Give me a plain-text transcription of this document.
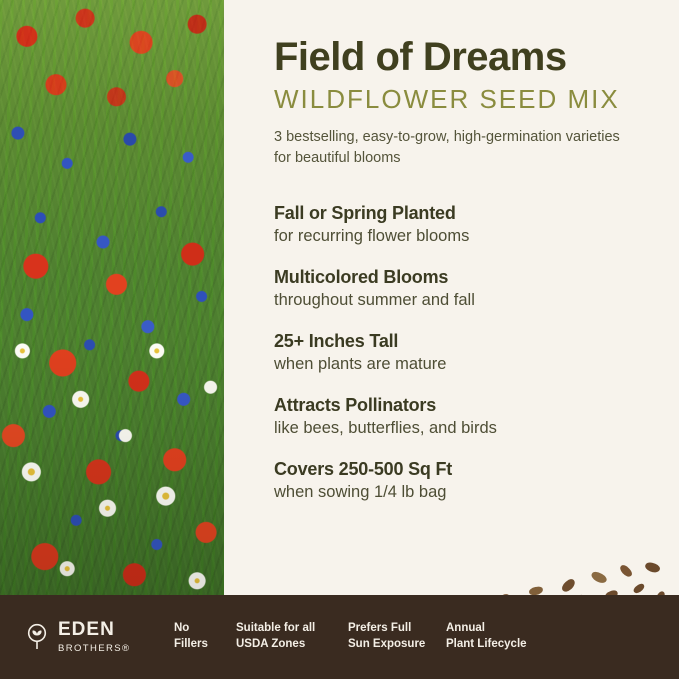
Field of Dreams
WILDFLOWER SEED MIX

3 bestselling, easy-to-grow, high-germination varieties for beautiful blooms

Fall or Spring Planted
for recurring flower blooms
Multicolored Blooms
throughout summer and fall
25+ Inches Tall
when plants are mature
Attracts Pollinators
like bees, butterflies, and birds
Covers 250-500 Sq Ft
when sowing 1/4 lb bag
EDEN
BROTHERS®
No
Fillers
Suitable for all
USDA Zones
Prefers Full
Sun Exposure
Annual
Plant Lifecycle
